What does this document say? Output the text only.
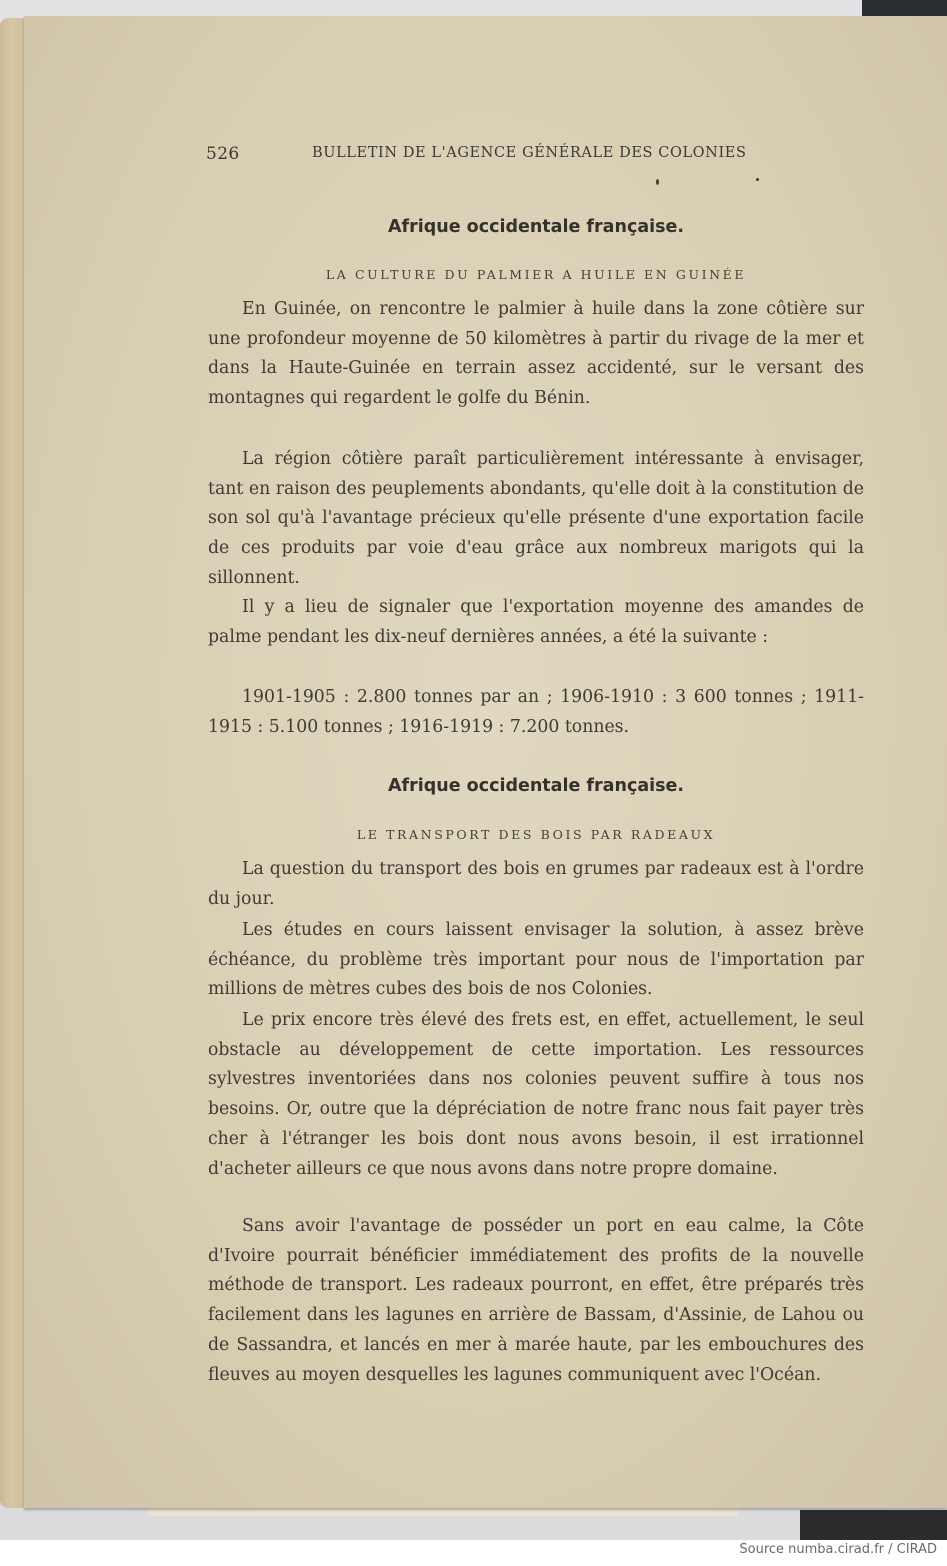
526	BULLETIN DE L'AGENCE GÉNÉRALE DES COLONIES
Afrique occidentale française.
LA CULTURE DU PALMIER A HUILE EN GUINÉE
En Guinée, on rencontre le palmier à huile dans la zone côtière sur une profondeur moyenne de 50 kilomètres à partir du rivage de la mer et dans la Haute-Guinée en terrain assez accidenté, sur le versant des montagnes qui regardent le golfe du Bénin.
La région côtière paraît particulièrement intéressante à envisager, tant en raison des peuplements abondants, qu'elle doit à la constitution de son sol qu'à l'avantage précieux qu'elle présente d'une exportation facile de ces produits par voie d'eau grâce aux nombreux marigots qui la sillonnent.
Il y a lieu de signaler que l'exportation moyenne des amandes de palme pendant les dix-neuf dernières années, a été la suivante :
1901-1905 : 2.800 tonnes par an ; 1906-1910 : 3 600 tonnes ; 1911-1915 : 5.100 tonnes ; 1916-1919 : 7.200 tonnes.
Afrique occidentale française.
LE TRANSPORT DES BOIS PAR RADEAUX
La question du transport des bois en grumes par radeaux est à l'ordre du jour.
Les études en cours laissent envisager la solution, à assez brève échéance, du problème très important pour nous de l'importation par millions de mètres cubes des bois de nos Colonies.
Le prix encore très élevé des frets est, en effet, actuellement, le seul obstacle au développement de cette importation. Les ressources sylvestres inventoriées dans nos colonies peuvent suffire à tous nos besoins. Or, outre que la dépréciation de notre franc nous fait payer très cher à l'étranger les bois dont nous avons besoin, il est irrationnel d'acheter ailleurs ce que nous avons dans notre propre domaine.
Sans avoir l'avantage de posséder un port en eau calme, la Côte d'Ivoire pourrait bénéficier immédiatement des profits de la nouvelle méthode de transport. Les radeaux pourront, en effet, être préparés très facilement dans les lagunes en arrière de Bassam, d'Assinie, de Lahou ou de Sassandra, et lancés en mer à marée haute, par les embouchures des fleuves au moyen desquelles les lagunes communiquent avec l'Océan.
Source numba.cirad.fr / CIRAD
